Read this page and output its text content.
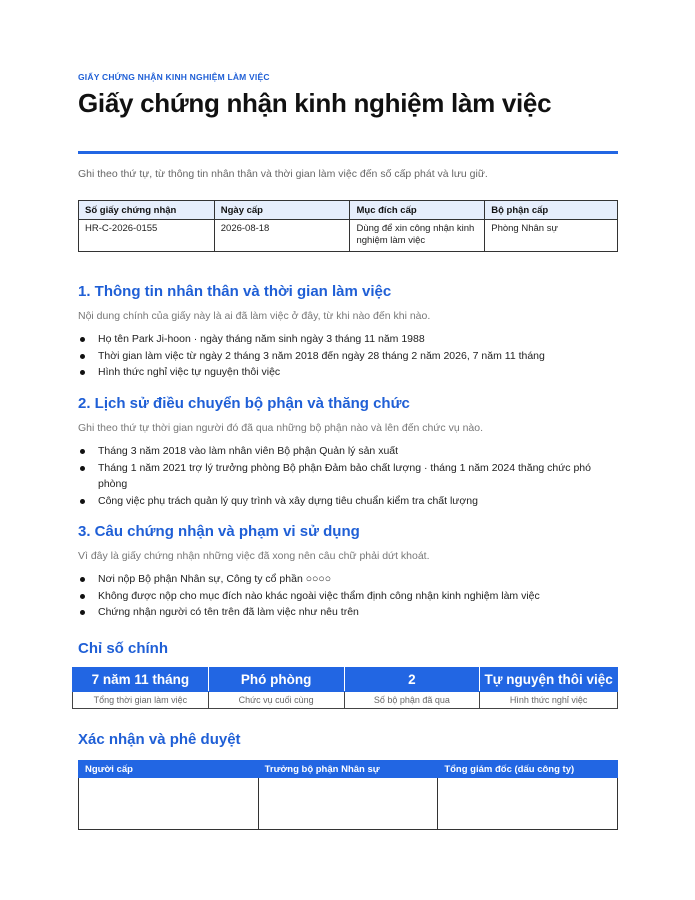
GIẤY CHỨNG NHẬN KINH NGHIỆM LÀM VIỆC
Giấy chứng nhận kinh nghiệm làm việc

Ghi theo thứ tự, từ thông tin nhân thân và thời gian làm việc đến số cấp phát và lưu giữ.

Số giấy chứng nhận	Ngày cấp	Mục đích cấp	Bộ phận cấp
HR-C-2026-0155	2026-08-18	Dùng để xin công nhận kinh nghiệm làm việc	Phòng Nhân sự
1. Thông tin nhân thân và thời gian làm việc

Nội dung chính của giấy này là ai đã làm việc ở đây, từ khi nào đến khi nào.

Họ tên Park Ji-hoon · ngày tháng năm sinh ngày 3 tháng 11 năm 1988
Thời gian làm việc từ ngày 2 tháng 3 năm 2018 đến ngày 28 tháng 2 năm 2026, 7 năm 11 tháng
Hình thức nghỉ việc tự nguyện thôi việc
2. Lịch sử điều chuyển bộ phận và thăng chức

Ghi theo thứ tự thời gian người đó đã qua những bộ phận nào và lên đến chức vụ nào.

Tháng 3 năm 2018 vào làm nhân viên Bộ phận Quản lý sản xuất
Tháng 1 năm 2021 trợ lý trưởng phòng Bộ phận Đảm bảo chất lượng · tháng 1 năm 2024 thăng chức phó phòng
Công việc phụ trách quản lý quy trình và xây dựng tiêu chuẩn kiểm tra chất lượng
3. Câu chứng nhận và phạm vi sử dụng

Vì đây là giấy chứng nhận những việc đã xong nên câu chữ phải dứt khoát.

Nơi nộp Bộ phận Nhân sự, Công ty cổ phần ○○○○
Không được nộp cho mục đích nào khác ngoài việc thẩm định công nhận kinh nghiệm làm việc
Chứng nhận người có tên trên đã làm việc như nêu trên
Chỉ số chính
7 năm 11 tháng	Phó phòng	2	Tự nguyện thôi việc
Tổng thời gian làm việc	Chức vụ cuối cùng	Số bộ phận đã qua	Hình thức nghỉ việc
Xác nhận và phê duyệt
Người cấp	Trưởng bộ phận Nhân sự	Tổng giám đốc (dấu công ty)
